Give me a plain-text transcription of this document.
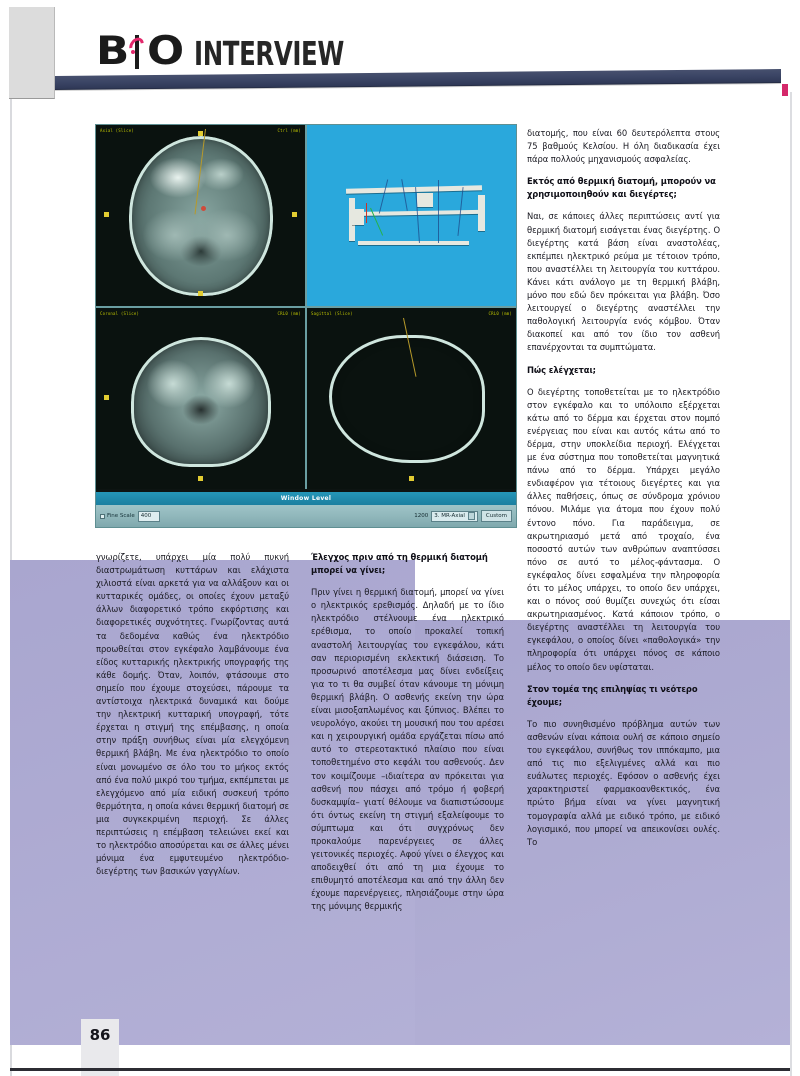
B O INTERVIEW
Axial (Slice)	Ctrl (mm)
Coronal (Slice)	CRL0 (mm)	Sagittal (Slice)	CRL0 (mm)
Window Level
Fine Scale	400	1200 3. MR-Axial	Custom

γνωρίζετε, υπάρχει μία πολύ πυκνή διαστρωμάτωση κυττάρων και ελάχιστα χιλιοστά είναι αρκετά για να αλλάξουν και οι κυτταρικές ομάδες, οι οποίες έχουν μεταξύ άλλων διαφορετικό τρόπο εκφόρτισης και διαφορετικές συχνότητες. Γνωρίζοντας αυτά τα δεδομένα καθώς ένα ηλεκτρόδιο προωθείται στον εγκέφαλο λαμβάνουμε ένα είδος κυτταρικής ηλεκτρικής υπογραφής της κάθε δομής. Όταν, λοιπόν, φτάσουμε στο σημείο που έχουμε στοχεύσει, πάρουμε τα αντίστοιχα ηλεκτρικά δυναμικά και δούμε την ηλεκτρική κυτταρική υπογραφή, τότε έρχεται η στιγμή της επέμβασης, η οποία στην πράξη συνήθως είναι μία ελεγχόμενη θερμική βλάβη. Με ένα ηλεκτρόδιο το οποίο είναι μονωμένο σε όλο του το μήκος εκτός από ένα πολύ μικρό του τμήμα, εκπέμπεται με ελεγχόμενο από μία ειδική συσκευή τρόπο θερμότητα, η οποία κάνει θερμική διατομή σε μια συγκεκριμένη περιοχή. Σε άλλες περιπτώσεις η επέμβαση τελειώνει εκεί και το ηλεκτρόδιο αποσύρεται και σε άλλες μένει μόνιμα ένα εμφυτευμένο ηλεκτρόδιο-διεγέρτης των βασικών γαγγλίων.

Έλεγχος πριν από τη θερμική διατομή μπορεί να γίνει;

Πριν γίνει η θερμική διατομή, μπορεί να γίνει ο ηλεκτρικός ερεθισμός. Δηλαδή με το ίδιο ηλεκτρόδιο στέλνουμε ένα ηλεκτρικό ερέθισμα, το οποίο προκαλεί τοπική αναστολή λειτουργίας του εγκεφάλου, κάτι σαν περιορισμένη εκλεκτική διάσειση. Το προσωρινό αποτέλεσμα μας δίνει ενδείξεις για το τι θα συμβεί όταν κάνουμε τη μόνιμη θερμική βλάβη. Ο ασθενής εκείνη την ώρα είναι μισοξαπλωμένος και ξύπνιος. Βλέπει το νευρολόγο, ακούει τη μουσική που του αρέσει και η χειρουργική ομάδα εργάζεται πίσω από αυτό το στερεοτακτικό πλαίσιο που είναι τοποθετημένο στο κεφάλι του ασθενούς. Δεν τον κοιμίζουμε –ιδιαίτερα αν πρόκειται για ασθενή που πάσχει από τρόμο ή φοβερή δυσκαμψία– γιατί θέλουμε να διαπιστώσουμε ότι όντως εκείνη τη στιγμή εξαλείφουμε το σύμπτωμα και ότι συγχρόνως δεν προκαλούμε παρενέργειες σε άλλες γειτονικές περιοχές. Αφού γίνει ο έλεγχος και αποδειχθεί ότι από τη μια έχουμε το επιθυμητό αποτέλεσμα και από την άλλη δεν έχουμε παρενέργειες, πλησιάζουμε στην ώρα της μόνιμης θερμικής

διατομής, που είναι 60 δευτερόλεπτα στους 75 βαθμούς Κελσίου. Η όλη διαδικασία έχει πάρα πολλούς μηχανισμούς ασφαλείας.

Εκτός από θερμική διατομή, μπορούν να χρησιμοποιηθούν και διεγέρτες;

Ναι, σε κάποιες άλλες περιπτώσεις αντί για θερμική διατομή εισάγεται ένας διεγέρτης. Ο διεγέρτης κατά βάση είναι αναστολέας, εκπέμπει ηλεκτρικό ρεύμα με τέτοιον τρόπο, που αναστέλλει τη λειτουργία του κυττάρου. Κάνει κάτι ανάλογο με τη θερμική βλάβη, μόνο που εδώ δεν πρόκειται για βλάβη. Όσο λειτουργεί ο διεγέρτης αναστέλλει την παθολογική λειτουργία ενός κόμβου. Όταν διακοπεί και από τον ίδιο τον ασθενή επανέρχονται τα συμπτώματα.

Πώς ελέγχεται;

Ο διεγέρτης τοποθετείται με το ηλεκτρόδιο στον εγκέφαλο και το υπόλοιπο εξέρχεται κάτω από το δέρμα και έρχεται στον πομπό ενέργειας που είναι και αυτός κάτω από το δέρμα, στην υποκλείδια περιοχή. Ελέγχεται με ένα σύστημα που τοποθετείται μαγνητικά πάνω από το δέρμα. Υπάρχει μεγάλο ενδιαφέρον για τέτοιους διεγέρτες και για άλλες παθήσεις, όπως σε σύνδρομα χρόνιου πόνου. Μιλάμε για άτομα που έχουν πολύ έντονο πόνο. Για παράδειγμα, σε ακρωτηριασμό μετά από τροχαίο, ένα ποσοστό αυτών των ανθρώπων αναπτύσσει πόνο σε αυτό το μέλος-φάντασμα. Ο εγκέφαλος δίνει εσφαλμένα την πληροφορία ότι το μέλος υπάρχει, το οποίο δεν υπάρχει, και ο πόνος σού θυμίζει συνεχώς ότι είσαι ακρωτηριασμένος. Κατά κάποιον τρόπο, ο διεγέρτης αναστέλλει τη λειτουργία του εγκεφάλου, ο οποίος δίνει «παθολογικά» την πληροφορία ότι υπάρχει πόνος σε κάποιο μέλος το οποίο δεν υφίσταται.

Στον τομέα της επιληψίας τι νεότερο έχουμε;

Το πιο συνηθισμένο πρόβλημα αυτών των ασθενών είναι κάποια ουλή σε κάποιο σημείο του εγκεφάλου, συνήθως τον ιππόκαμπο, μια από τις πιο εξελιγμένες αλλά και πιο ευάλωτες περιοχές. Εφόσον ο ασθενής έχει χαρακτηριστεί φαρμακοανθεκτικός, ένα πρώτο βήμα είναι να γίνει μαγνητική τομογραφία αλλά με ειδικό τρόπο, με ειδικό λογισμικό, που μπορεί να απεικονίσει ουλές. Το

86
